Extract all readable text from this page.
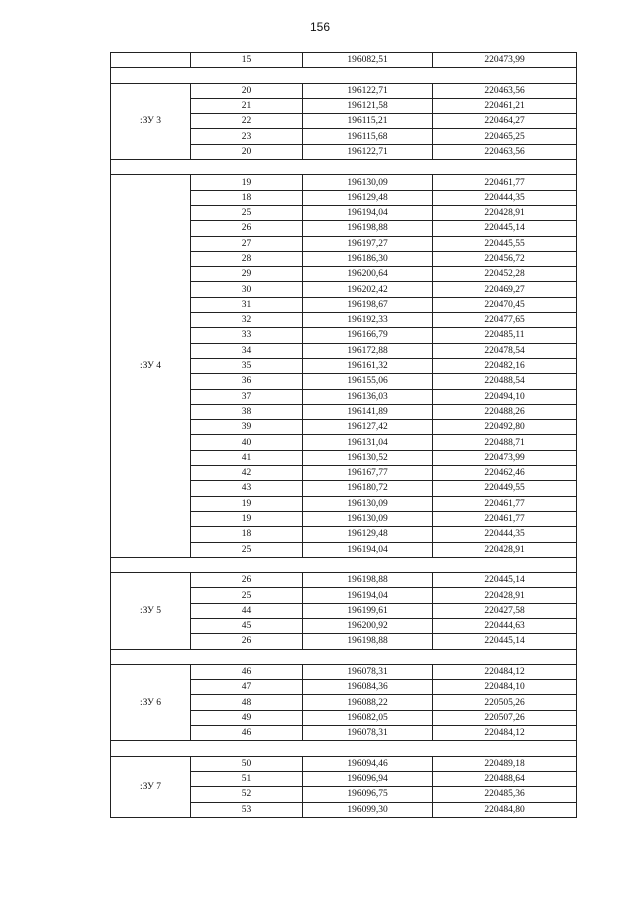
156
	15	196082,51	220473,99

:ЗУ 3	20	196122,71	220463,56
	21	196121,58	220461,21
	22	196115,21	220464,27
	23	196115,68	220465,25
	20	196122,71	220463,56

:ЗУ 4	19	196130,09	220461,77
	18	196129,48	220444,35
	25	196194,04	220428,91
	26	196198,88	220445,14
	27	196197,27	220445,55
	28	196186,30	220456,72
	29	196200,64	220452,28
	30	196202,42	220469,27
	31	196198,67	220470,45
	32	196192,33	220477,65
	33	196166,79	220485,11
	34	196172,88	220478,54
	35	196161,32	220482,16
	36	196155,06	220488,54
	37	196136,03	220494,10
	38	196141,89	220488,26
	39	196127,42	220492,80
	40	196131,04	220488,71
	41	196130,52	220473,99
	42	196167,77	220462,46
	43	196180,72	220449,55
	19	196130,09	220461,77
	19	196130,09	220461,77
	18	196129,48	220444,35
	25	196194,04	220428,91

:ЗУ 5	26	196198,88	220445,14
	25	196194,04	220428,91
	44	196199,61	220427,58
	45	196200,92	220444,63
	26	196198,88	220445,14

:ЗУ 6	46	196078,31	220484,12
	47	196084,36	220484,10
	48	196088,22	220505,26
	49	196082,05	220507,26
	46	196078,31	220484,12

:ЗУ 7	50	196094,46	220489,18
	51	196096,94	220488,64
	52	196096,75	220485,36
	53	196099,30	220484,80
